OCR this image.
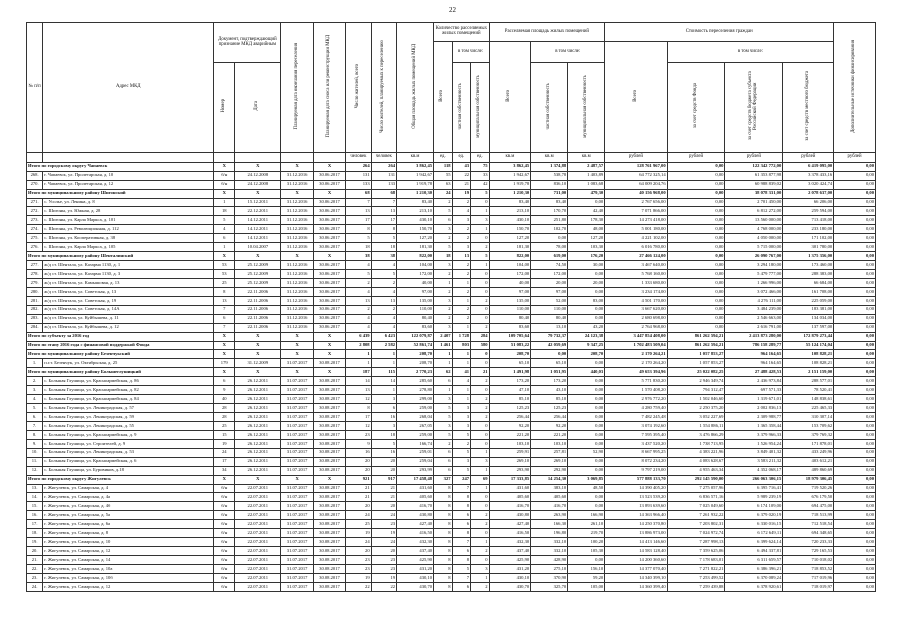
22
№ п/п	Адрес МКД	Документ, подтверждающий признание МКД аварийным		Планируемая дата окончания переселения	Планируемая дата сноса или реконструкции МКД	Число жителей, всего	Число жителей, планируемых к переселению	Общая площадь жилых помещений МКД	Количество расселяемых жилых помещений			Расселяемая площадь жилых помещений			Стоимость переселения граждан				Дополнительные источники финансирования
									Всего	в том числе:		Всего	в том числе:		Всего	в том числе:			
		Номер	Дата							частная собственность	муниципальная собственность		частная собственность	муниципальная собственность		за счет средств Фонда	за счет средств бюджета субъекта Российской Федерации	за счет средств местного бюджета	
						человек	человек	кв.м	ед.	ед.	ед.	кв.м	кв.м	кв.м	рублей	рублей	рублей	рублей	рублей
Итого по городскому округу Чапаевск		X	X	X	X	264	264	3 862,45	118	43	75	3 862,45	1 374,88	2 487,57	128 761 967,00	0,00	122 342 772,00	6 419 095,00	0,00
268.	г. Чапаевск, ул. Пролетарская, д. 10	б/н	24.12.2008	31.12.2016	30.06.2017	131	131	1 942,67	55	22	33	1 942,67	538,78	1 403,89	64 772 325,14	0,00	61 353 877,98	3 378 433,16	0,00
270.	г. Чапаевск, ул. Пролетарская, д. 12	б/н	24.12.2008	31.12.2016	30.06.2017	133	133	1 919,78	63	21	42	1 919,78	836,10	1 083,68	64 009 204,76	0,00	60 988 839,02	3 020 424,74	0,00
Итого по муниципальному району Шигонский		X	X	X	X	68	68	1 210,30	24	19	5	1 210,30	731,00	479,30	40 156 968,00	0,00	38 078 331,00	2 078 637,00	0,00
271.	с. Усолье, ул. Ленина, д. 8	1	15.12.2011	31.12.2016	30.06.2017	7	7	83,40	2	2	0	83,40	83,40	0,00	2 767 656,00	0,00	2 701 450,00	66 206,00	0,00
272.	с. Шигоны, ул. Южная, д. 28	18	22.12.2011	31.12.2016	30.06.2017	13	13	213,10	5	4	1	213,10	170,70	42,40	7 071 866,00	0,00	6 812 272,00	259 594,00	0,00
273.	с. Шигоны, ул. Карла Маркса, д. 101	5	14.12.2011	31.12.2016	30.06.2017	17	17	430,10	6	3	3	430,10	251,80	178,30	14 273 418,00	0,00	13 560 000,00	713 418,00	0,00
274.	с. Шигоны, ул. Революционная, д. 112	4	14.12.2011	31.12.2016	30.06.2017	8	8	150,70	3	2	1	150,70	102,70	48,00	5 001 180,00	0,00	4 768 000,00	233 180,00	0,00
275.	с. Шигоны, ул. Кооперативная, д. 38	6	14.12.2011	31.12.2016	30.06.2017	5	5	127,20	2	2	0	127,20	0,00	127,20	4 221 102,00	0,00	4 050 000,00	171 102,00	0,00
276.	с. Шигоны, ул. Карла Маркса, д. 105	1	10.04.2007	31.12.2016	30.06.2017	18	18	181,30	5	3	2	181,30	78,00	103,30	6 016 780,00	0,00	5 715 000,00	301 780,00	0,00
Итого по муниципальному району Шенталинский		X	X	X	X	38	38	822,00	18	13	5	822,00	619,00	176,20	27 466 124,00	0,00	26 090 767,00	1 375 356,00	0,00
277.	ж/д ст. Шентала, ул. Казарма 1130, д. 1	53	25.12.2009	31.12.2016	30.06.2017	4	4	104,00	3	2	1	104,00	74,50	30,00	3 467 640,00	0,00	3 294 180,00	173 460,00	0,00
278.	ж/д ст. Шентала, ул. Казарма 1130, д. 3	53	25.12.2009	31.12.2016	30.06.2017	5	5	172,00	2	2	0	172,00	172,00	0,00	5 768 160,00	0,00	5 479 777,00	288 383,00	0,00
279.	ж/д ст. Шентала, ул. Камышовая, д. 13	25	25.12.2009	31.12.2016	30.06.2017	2	2	40,00	1	1	0	40,00	20,00	20,00	1 333 680,00	0,00	1 266 996,00	66 684,00	0,00
280.	ж/д ст. Шентала, ул. Советская, д. 13	8	22.11.2006	31.12.2016	30.06.2017	4	4	97,00	2	2	0	97,00	97,00	0,00	3 234 174,00	0,00	3 072 466,00	161 708,00	0,00
281.	ж/д ст. Шентала, ул. Советская, д. 19	13	22.11.2006	31.12.2016	30.06.2017	13	13	135,00	3	1	2	135,00	52,00	83,00	4 501 170,00	0,00	4 276 111,00	225 059,00	0,00
282.	ж/д ст. Шентала, ул. Советская, д. 14А	7	22.11.2006	31.12.2016	30.06.2017	2	2	110,00	2	2	0	110,00	110,00	0,00	3 667 620,00	0,00	3 484 239,00	183 381,00	0,00
283.	ж/д ст. Шентала, ул. Куйбышева, д. 11	6	22.11.2006	31.12.2016	30.06.2017	4	4	80,40	2	2	0	80,40	80,40	0,00	2 680 698,00	0,00	2 546 663,00	134 034,00	0,00
284.	ж/д ст. Шентала, ул. Куйбышева, д. 12	7	22.11.2006	31.12.2016	30.06.2017	4	4	83,60	3	1	2	83,60	13,10	43,20	2 764 968,00	0,00	2 616 791,00	137 597,00	0,00
Итого по субъекту за 2016 год		X	X	X	X	6 439	6 423	122 079,87	2 407	1 728	284	109 705,64	79 732,37	24 123,38	3 447 854 408,00	861 262 594,21	2 413 873 280,00	172 879 273,44	0,00
Итого по этапу 2016 года с финансовой поддержкой Фонда		X	X	X	X	2 808	2 582	52 861,74	1 461	803	580	51 083,22	42 059,69	9 347,25	1 702 483 509,04	861 262 594,21	786 158 289,77	55 124 174,04	0,00
Итого по муниципальному району Безенчукский		X	X	X	X	1	1	208,70	1	1	0	208,70	0,00	208,70	2 170 264,21	1 057 853,27	964 164,65	108 828,21	0,00
1.	п.г.т. Безенчук, ул. Октябрьская, д. 25	179	31.12.2009	31.07.2017	30.08.2017	1	1	208,70	1	1	0	65,10	65,10	0,00	2 170 264,20	1 057 853,27	964 164,65	108 828,21	0,00
Итого по муниципальному району Большеглушицкий		X	X	X	X	187	115	2 770,23	62	41	21	1 491,98	1 051,95	440,03	49 653 394,96	25 022 082,25	27 488 428,53	2 151 159,00	0,00
2.	с. Большая Глушица, ул. Красноармейская, д. 86	6	26.12.2011	31.07.2017	30.08.2017	14	14	285,60	6	4	2	173,20	173,20	0,00	5 771 830,20	2 946 349,74	2 436 973,84	288 577,01	0,00
3.	с. Большая Глушица, ул. Красноармейская, д. 82	9	26.12.2011	31.07.2017	30.08.2017	13	1	278,80	1	1	0	47,10	43,10	0,00	1 570 408,20	794 312,47	697 571,33	78 520,41	0,00
4.	с. Большая Глушица, ул. Красноармейская, д. 84	40	26.12.2011	31.07.2017	30.08.2017	12	3	299,00	3	1	2	85,10	85,10	0,00	2 976 772,20	1 502 046,60	1 319 671,01	148 838,61	0,00
5.	с. Большая Глушица, ул. Ленинградская, д. 57	28	26.12.2011	31.07.2017	30.08.2017	8	6	259,00	5	3	2	125,23	125,23	0,00	4 280 759,40	2 250 375,20	2 002 836,13	225 465,33	0,00
6.	с. Большая Глушица, ул. Ленинградская, д. 59	28	26.12.2011	31.07.2017	30.08.2017	17	16	268,04	5	3	2	256,44	256,44	0,00	7 482 245,48	3 052 227,69	2 309 988,77	310 307,14	0,00
7.	с. Большая Глушица, ул. Ленинградская, д. 55	25	26.12.2011	31.07.2017	30.08.2017	12	3	267,05	3	3	0	92,20	92,20	0,00	3 074 192,60	1 554 886,11	1 365 358,44	153 709,62	0,00
8.	с. Большая Глушица, ул. Красноармейская, д. 9	15	26.12.2011	31.07.2017	30.08.2017	23	18	259,00	5	5	0	221,20	221,20	0,00	7 595 395,40	3 476 866,29	3 379 966,33	379 769,32	0,00
9.	с. Большая Глушица, ул. Строителей, д. 9	19	26.12.2011	31.07.2017	30.08.2017	9	5	166,74	2	2	0	103,10	103,10	0,00	3 437 520,20	1 738 713,95	1 526 954,24	171 878,01	0,00
10.	с. Большая Глушица, ул. Ленинградская, д. 53	24	26.12.2011	31.07.2017	30.08.2017	16	16	259,01	6	5	1	259,91	257,81	52,90	8 667 995,25	4 383 221,96	3 849 401,32	433 249,96	0,00
11.	с. Большая Глушица, ул. Красноармейская, д. 6	17	26.12.2011	31.07.2017	30.08.2017	20	20	259,04	6	3	3	269,10	269,10	0,00	8 072 234,20	4 083 628,67	3 583 211,32	403 612,21	0,00
12.	с. Большая Глушица, ул. Буровиков, д.18	34	26.12.2011	31.07.2017	30.08.2017	20	20	293,99	6	5	1	293,90	292,90	0,00	9 797 219,00	4 955 463,34	4 352 068,17	489 860,69	0,00
Итого по городскому округу Жигулевск		X	X	X	X	921	917	17 458,48	327	247	69	17 333,85	14 254,30	3 069,85	577 888 133,70	292 145 590,00	266 063 306,15	18 979 306,45	0,00
13.	г. Жигулевск, ул. Самарская, д. 4	б/н	22.07.2011	31.07.2017	30.08.2017	21	21	431,60	8	7	1	431,60	383,10	48,50	14 390 405,20	7 275 057,96	6 395 716,41	719 520,26	0,00
14.	г. Жигулевск, ул. Самарская, д. 4а	б/н	22.07.2011	31.07.2017	30.08.2017	21	21	405,60	8	8	0	405,60	405,60	0,00	13 523 539,20	6 836 571,16	5 989 239,19	676 179,50	0,00
15.	г. Жигулевск, ул. Самарская, д. 4б	б/н	22.07.2011	31.07.2017	30.08.2017	20	20	416,70	8	8	0	416,70	416,70	0,00	13 893 639,60	7 025 049,60	6 174 109,00	694 475,00	0,00
16.	г. Жигулевск, ул. Самарская, д. 5а	б/н	22.07.2011	31.07.2017	30.08.2017	24	24	430,80	8	6	2	430,80	263,90	166,90	14 363 966,40	7 261 932,22	6 379 020,19	718 513,99	0,00
17.	г. Жигулевск, ул. Самарская, д. 6а	б/н	22.07.2011	31.07.2017	30.08.2017	25	23	427,40	8	6	2	427,40	166,30	261,10	14 250 370,80	7 203 802,31	6 330 016,15	712 518,54	0,00
18.	г. Жигулевск, ул. Самарская, д. 8	б/н	22.07.2011	31.07.2017	30.08.2017	19	19	416,50	8	8	0	416,50	196,80	219,70	13 886 973,00	7 024 972,74	6 172 649,11	694 348,65	0,00
19.	г. Жигулевск, ул. Самарская, д. 10	б/н	22.07.2011	31.07.2017	30.08.2017	24	24	432,30	8	7	1	432,30	332,10	100,20	14 413 146,60	7 287 998,13	6 399 624,14	720 233,33	0,00
20.	г. Жигулевск, ул. Самарская, д. 12	б/н	22.07.2011	31.07.2017	30.08.2017	20	20	437,40	8	6	2	437,40	332,10	105,30	14 583 128,40	7 359 625,06	6 494 337,81	729 165,53	0,00
21.	г. Жигулевск, ул. Самарская, д. 14	б/н	22.07.2011	31.07.2017	30.08.2017	23	23	425,90	8	8	0	425,90	428,90	0,00	14 200 360,60	7 178 683,01	6 311 659,57	710 018,02	0,00
22.	г. Жигулевск, ул. Самарская, д. 10а	б/н	22.07.2011	31.07.2017	30.08.2017	23	23	431,20	8	5	3	431,20	275,10	156,10	14 377 070,40	7 271 822,21	6 386 396,21	718 853,52	0,00
23.	г. Жигулевск, ул. Самарская, д. 10б	б/н	22.07.2011	31.07.2017	30.08.2017	19	19	430,10	8	7	1	430,10	370,90	59,20	14 340 399,10	7 253 499,52	6 370 089,24	717 019,96	0,00
24.	г. Жигулевск, ул. Самарская, д. 12	б/н	22.07.2011	31.07.2017	30.08.2017	22	22	430,70	8	6	2	430,70	325,70	105,00	14 360 399,40	7 259 439,88	6 378 920,61	718 019,97	0,00
